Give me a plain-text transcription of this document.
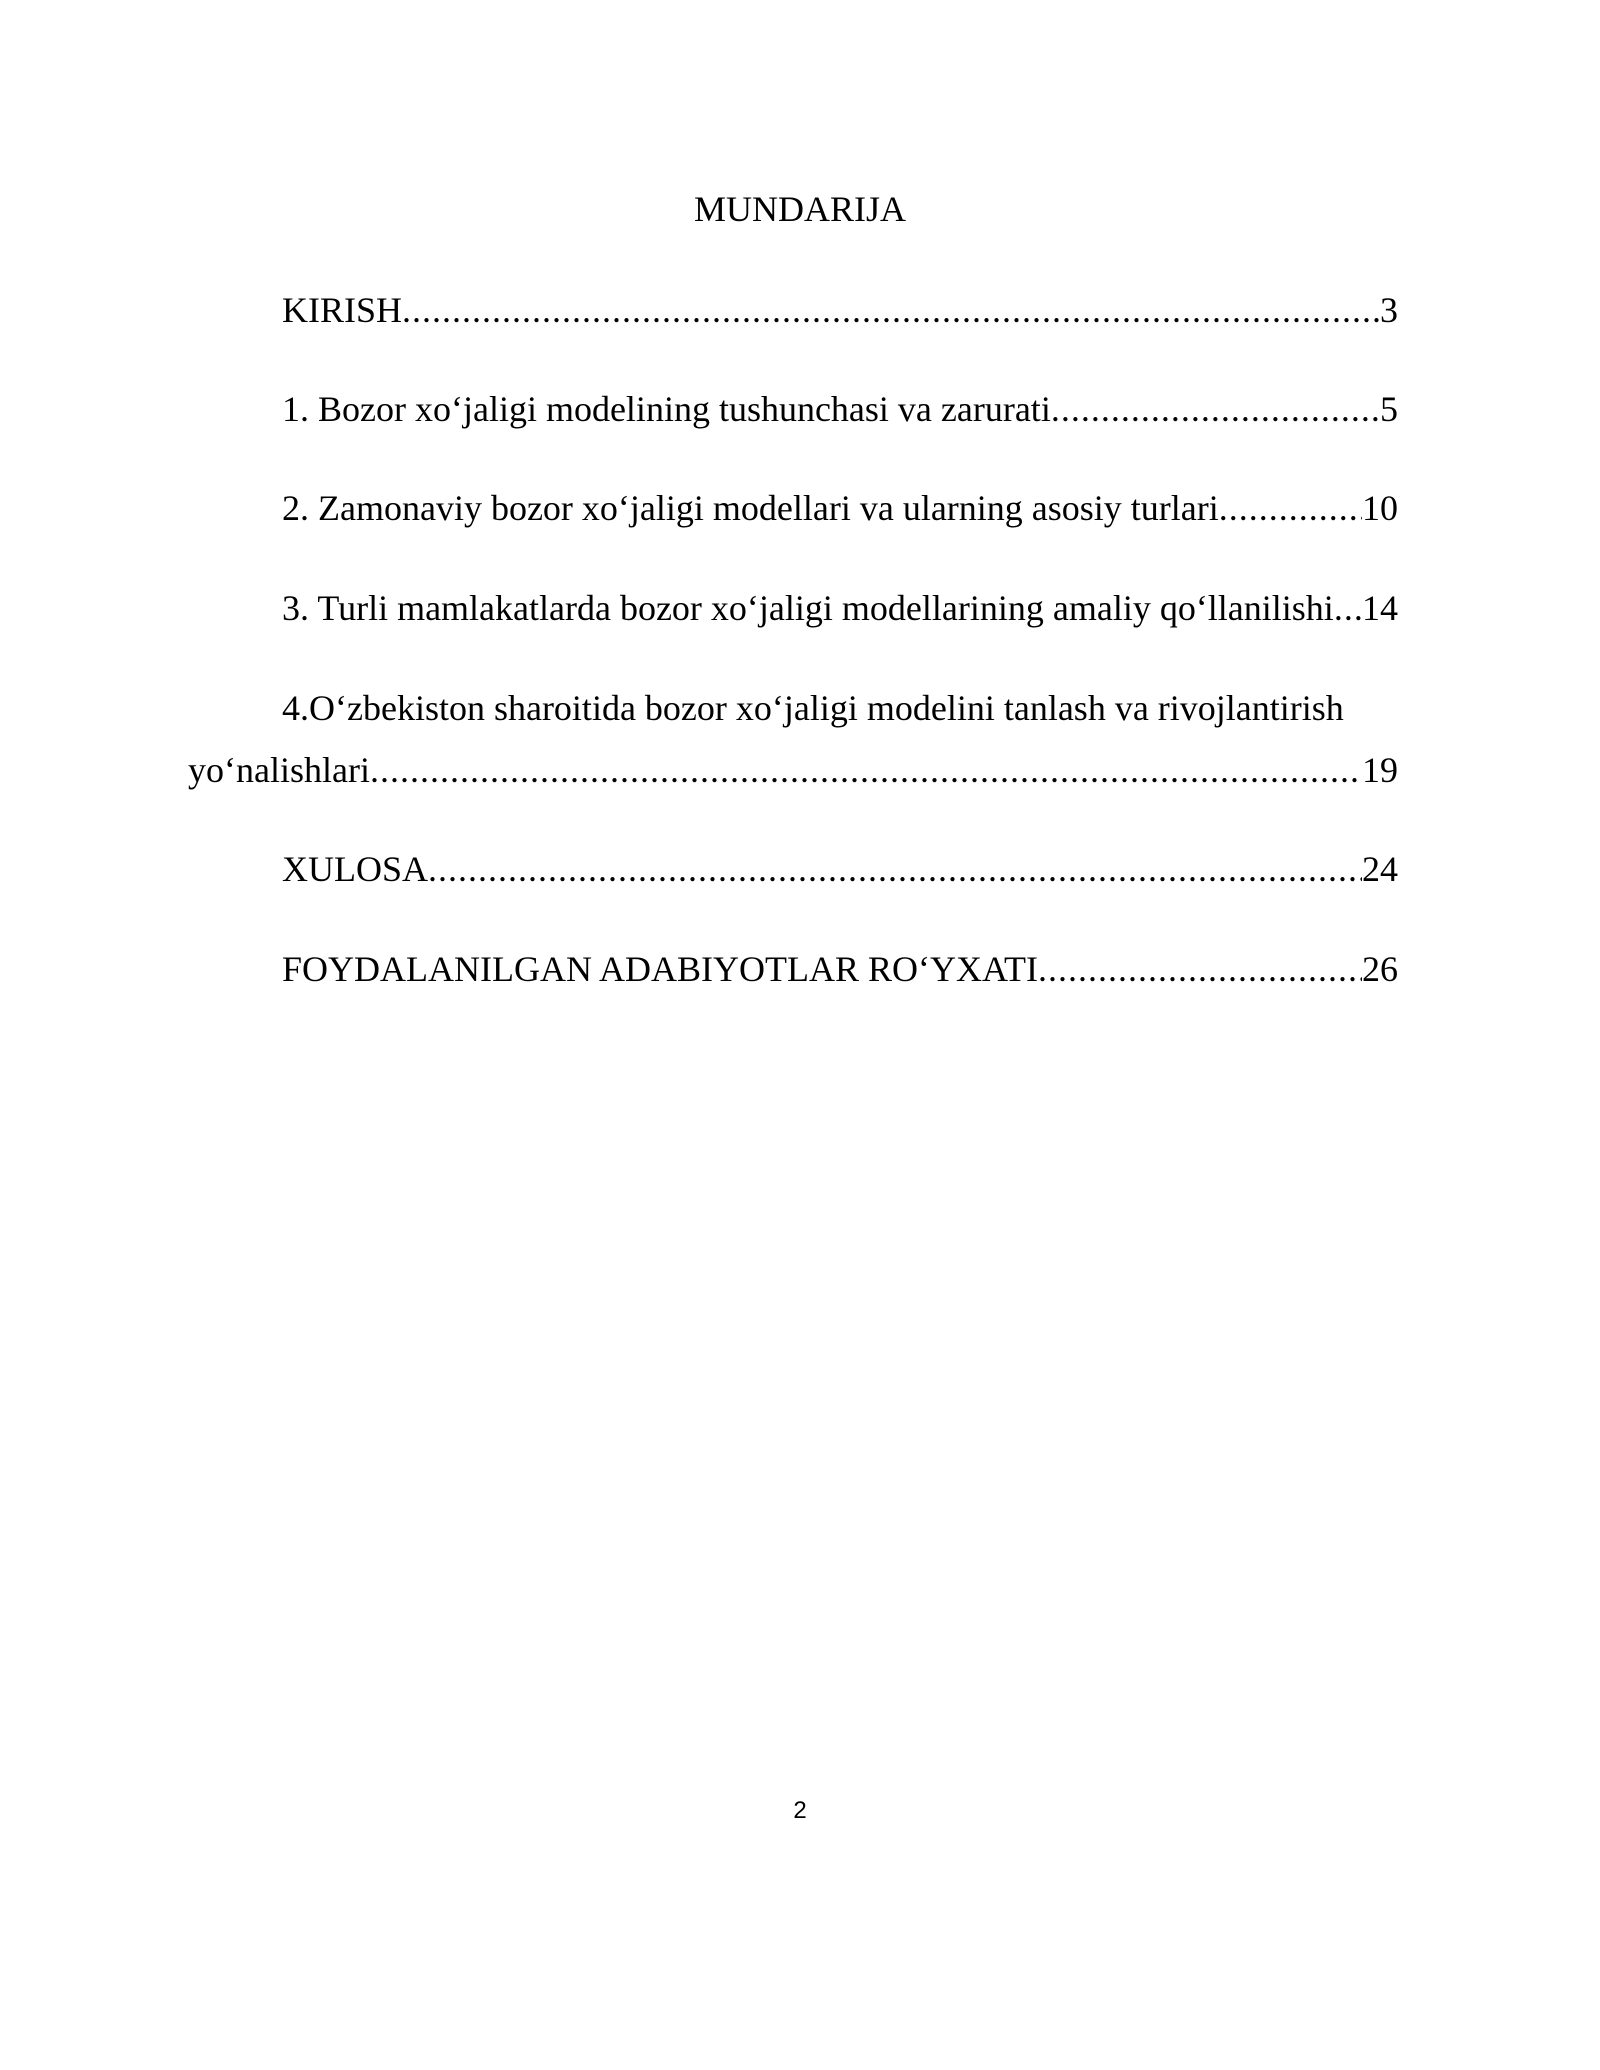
MUNDARIJA
KIRISH .....	3
1. Bozor xo‘jaligi modelining tushunchasi va zarurati .....	5
2. Zamonaviy bozor xo‘jaligi modellari va ularning asosiy turlari .....	10
3. Turli mamlakatlarda bozor xo‘jaligi modellarining amaliy qo‘llanilishi ..... 14
4.O‘zbekiston sharoitida bozor xo‘jaligi modelini tanlash va rivojlantirish
yo‘nalishlari .....	19
XULOSA .....	24
FOYDALANILGAN ADABIYOTLAR RO‘YXATI .....	26
2
